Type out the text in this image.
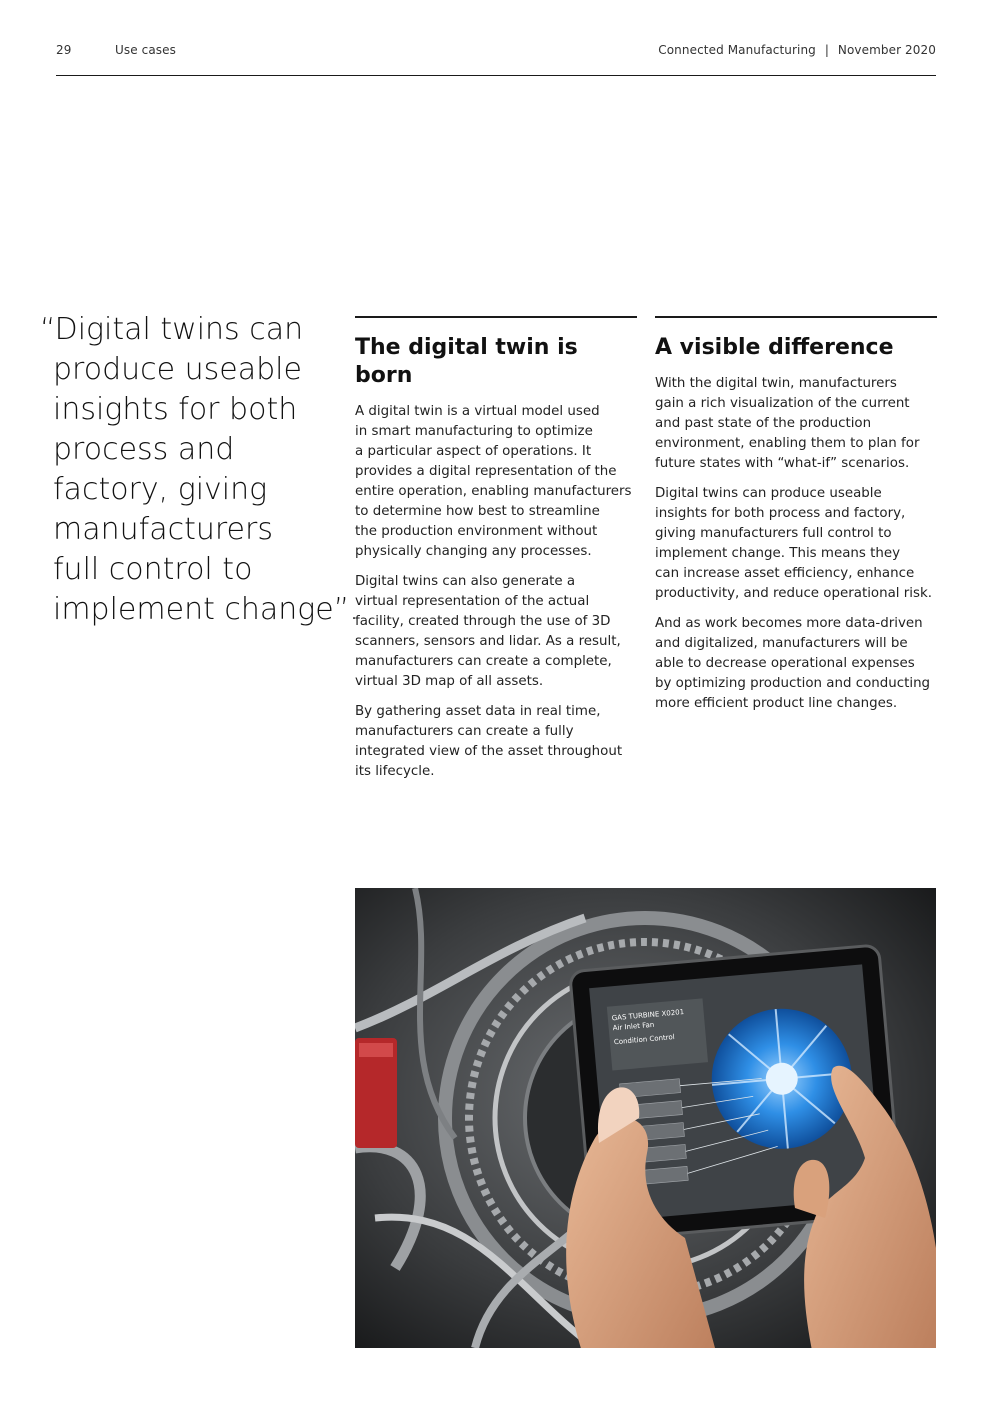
29	Use cases	Connected Manufacturing | November 2020
“Digital twins can
produce useable
insights for both
process and
factory, giving
manufacturers
full control to
implement change”.
The digital twin is born

A digital twin is a virtual model used
in smart manufacturing to optimize
a particular aspect of operations. It
provides a digital representation of the
entire operation, enabling manufacturers
to determine how best to streamline
the production environment without
physically changing any processes.

Digital twins can also generate a
virtual representation of the actual
facility, created through the use of 3D
scanners, sensors and lidar. As a result,
manufacturers can create a complete,
virtual 3D map of all assets.

By gathering asset data in real time,
manufacturers can create a fully
integrated view of the asset throughout
its lifecycle.

A visible difference

With the digital twin, manufacturers
gain a rich visualization of the current
and past state of the production
environment, enabling them to plan for
future states with “what-if” scenarios.

Digital twins can produce useable
insights for both process and factory,
giving manufacturers full control to
implement change. This means they
can increase asset efficiency, enhance
productivity, and reduce operational risk.

And as work becomes more data-driven
and digitalized, manufacturers will be
able to decrease operational expenses
by optimizing production and conducting
more efficient product line changes.

GAS TURBINE X0201
Air Inlet Fan
Condition Control
